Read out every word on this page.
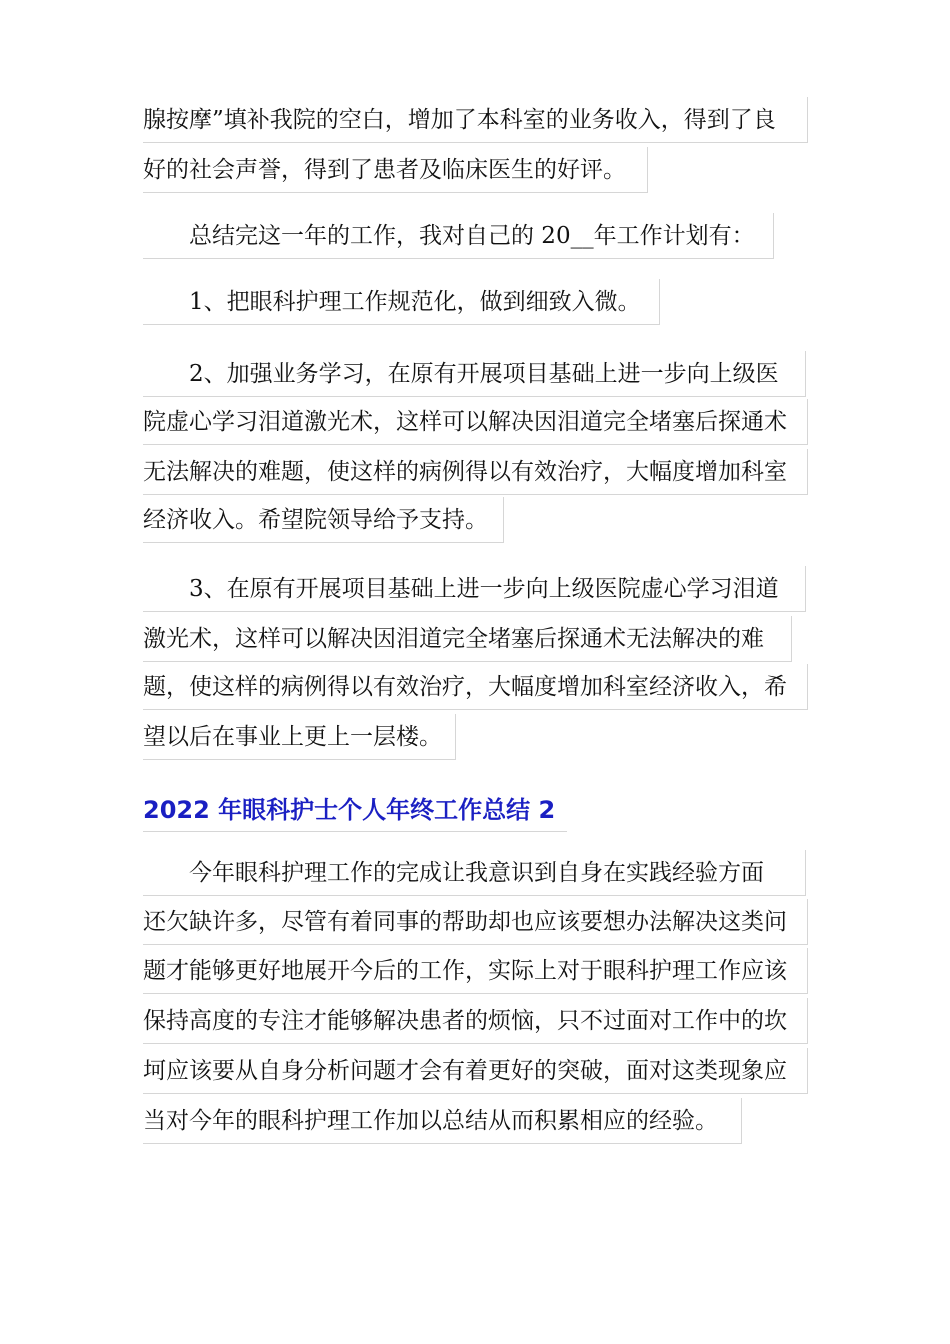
腺按摩”填补我院的空白，增加了本科室的业务收入，得到了良
好的社会声誉，得到了患者及临床医生的好评。
　　总结完这一年的工作，我对自己的 20__年工作计划有：
　　1、把眼科护理工作规范化，做到细致入微。
　　2、加强业务学习，在原有开展项目基础上进一步向上级医
院虚心学习泪道激光术，这样可以解决因泪道完全堵塞后探通术
无法解决的难题，使这样的病例得以有效治疗，大幅度增加科室
经济收入。希望院领导给予支持。
　　3、在原有开展项目基础上进一步向上级医院虚心学习泪道
激光术，这样可以解决因泪道完全堵塞后探通术无法解决的难
题，使这样的病例得以有效治疗，大幅度增加科室经济收入，希
望以后在事业上更上一层楼。
2022 年眼科护士个人年终工作总结 2
　　今年眼科护理工作的完成让我意识到自身在实践经验方面
还欠缺许多，尽管有着同事的帮助却也应该要想办法解决这类问
题才能够更好地展开今后的工作，实际上对于眼科护理工作应该
保持高度的专注才能够解决患者的烦恼，只不过面对工作中的坎
坷应该要从自身分析问题才会有着更好的突破，面对这类现象应
当对今年的眼科护理工作加以总结从而积累相应的经验。
